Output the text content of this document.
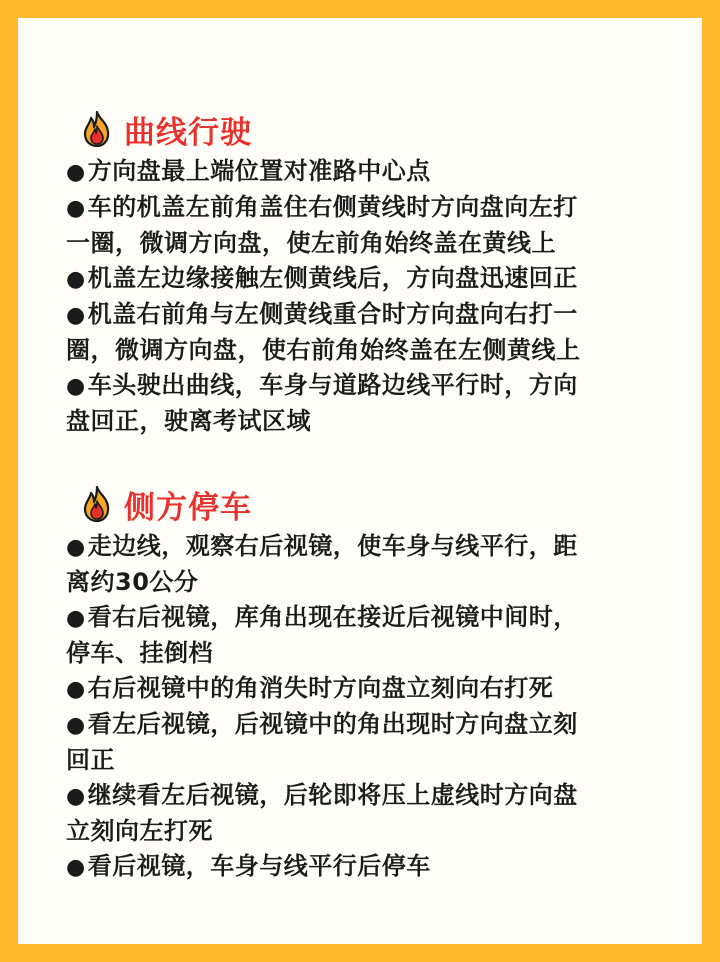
曲线行驶
●方向盘最上端位置对准路中心点
●车的机盖左前角盖住右侧黄线时方向盘向左打
一圈，微调方向盘，使左前角始终盖在黄线上
●机盖左边缘接触左侧黄线后，方向盘迅速回正
●机盖右前角与左侧黄线重合时方向盘向右打一
圈，微调方向盘，使右前角始终盖在左侧黄线上
●车头驶出曲线，车身与道路边线平行时，方向
盘回正，驶离考试区域
侧方停车
●走边线，观察右后视镜，使车身与线平行，距
离约30公分
●看右后视镜，库角出现在接近后视镜中间时，
停车、挂倒档
●右后视镜中的角消失时方向盘立刻向右打死
●看左后视镜，后视镜中的角出现时方向盘立刻
回正
●继续看左后视镜，后轮即将压上虚线时方向盘
立刻向左打死
●看后视镜，车身与线平行后停车
